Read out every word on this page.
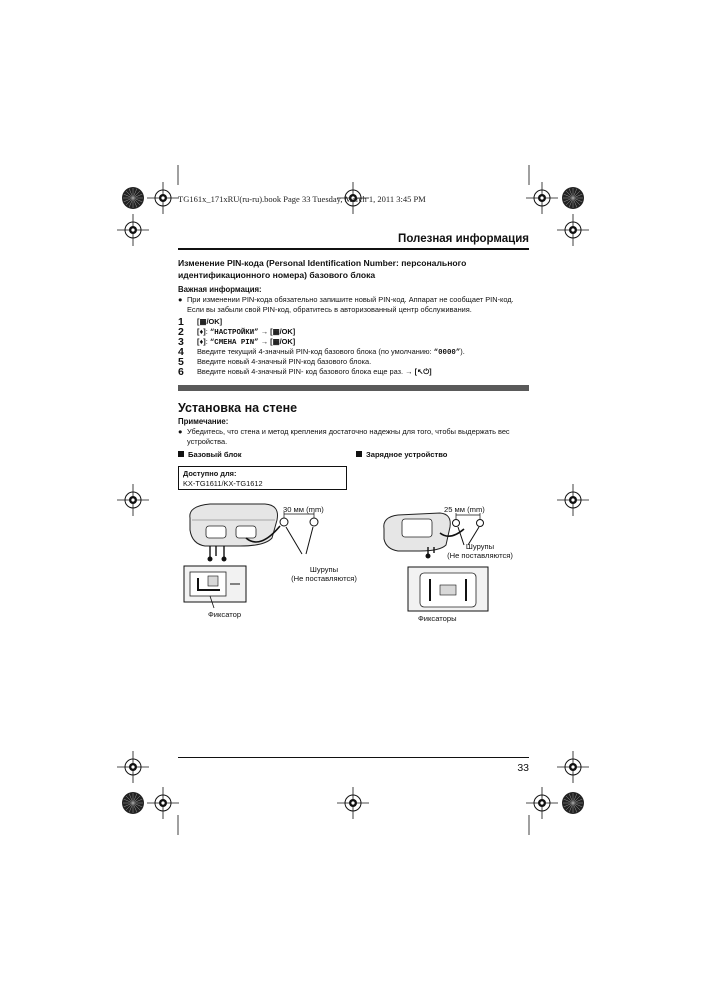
TG161x_171xRU(ru-ru).book Page 33 Tuesday, March 1, 2011 3:45 PM
Полезная информация
Изменение PIN-кода (Personal Identification Number: персонального
идентификационного номера) базового блока
Важная информация:
● При изменении PIN-кода обязательно запишите новый PIN-код. Аппарат не сообщает PIN-код.
Если вы забыли свой PIN-код, обратитесь в авторизованный центр обслуживания.
1 [▦/OK]
2 [♦]: “НАСТРОЙКИ” → [▦/OK]
3 [♦]: “СМЕНА PIN” → [▦/OK]
4 Введите текущий 4-значный PIN-код базового блока (по умолчанию: “0000”).
5 Введите новый 4-значный PIN-код базового блока.
6 Введите новый 4-значный PIN- код базового блока еще раз. → [↖⏻]
Установка на стене
Примечание:
● Убедитесь, что стена и метод крепления достаточно надежны для того, чтобы выдержать вес
устройства.
Базовый блок	Зарядное устройство
Доступно для:
KX-TG1611/KX-TG1612
30 мм (mm)
Шурупы
(Не поставляются)
Фиксатор
25 мм (mm)
Шурупы
(Не поставляются)
Фиксаторы
33
